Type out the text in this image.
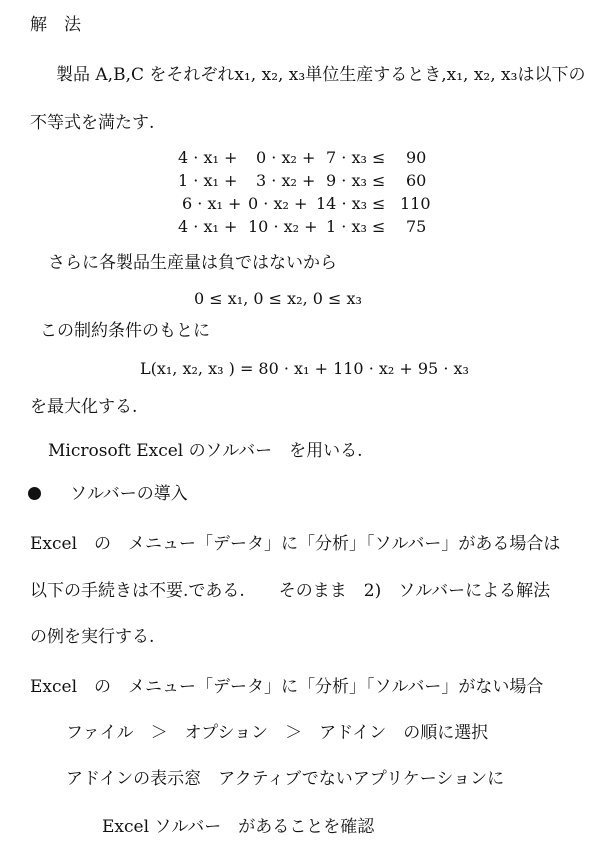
解　法
製品 A,B,C をそれぞれx₁, x₂, x₃単位生産するとき,x₁, x₂, x₃は以下の
不等式を満たす.
4 · x₁ + 0 · x₂ + 7 · x₃ ≤ 90
1 · x₁ + 3 · x₂ + 9 · x₃ ≤ 60
6 · x₁ + 0 · x₂ + 14 · x₃ ≤ 110
4 · x₁ + 10 · x₂ + 1 · x₃ ≤ 75
さらに各製品生産量は負ではないから
0 ≤ x₁, 0 ≤ x₂, 0 ≤ x₃
この制約条件のもとに
L(x₁, x₂, x₃ ) = 80 · x₁ + 110 · x₂ + 95 · x₃
を最大化する.
Microsoft Excel のソルバー　を用いる.
ソルバーの導入
Excel　の　メニュー「データ」に「分析」「ソルバー」がある場合は
以下の手続きは不要.である.　　そのまま　2)　ソルバーによる解法
の例を実行する.
Excel　の　メニュー「データ」に「分析」「ソルバー」がない場合
ファイル　＞　オプション　＞　アドイン　の順に選択
アドインの表示窓　アクティブでないアプリケーションに
Excel ソルバー　があることを確認
